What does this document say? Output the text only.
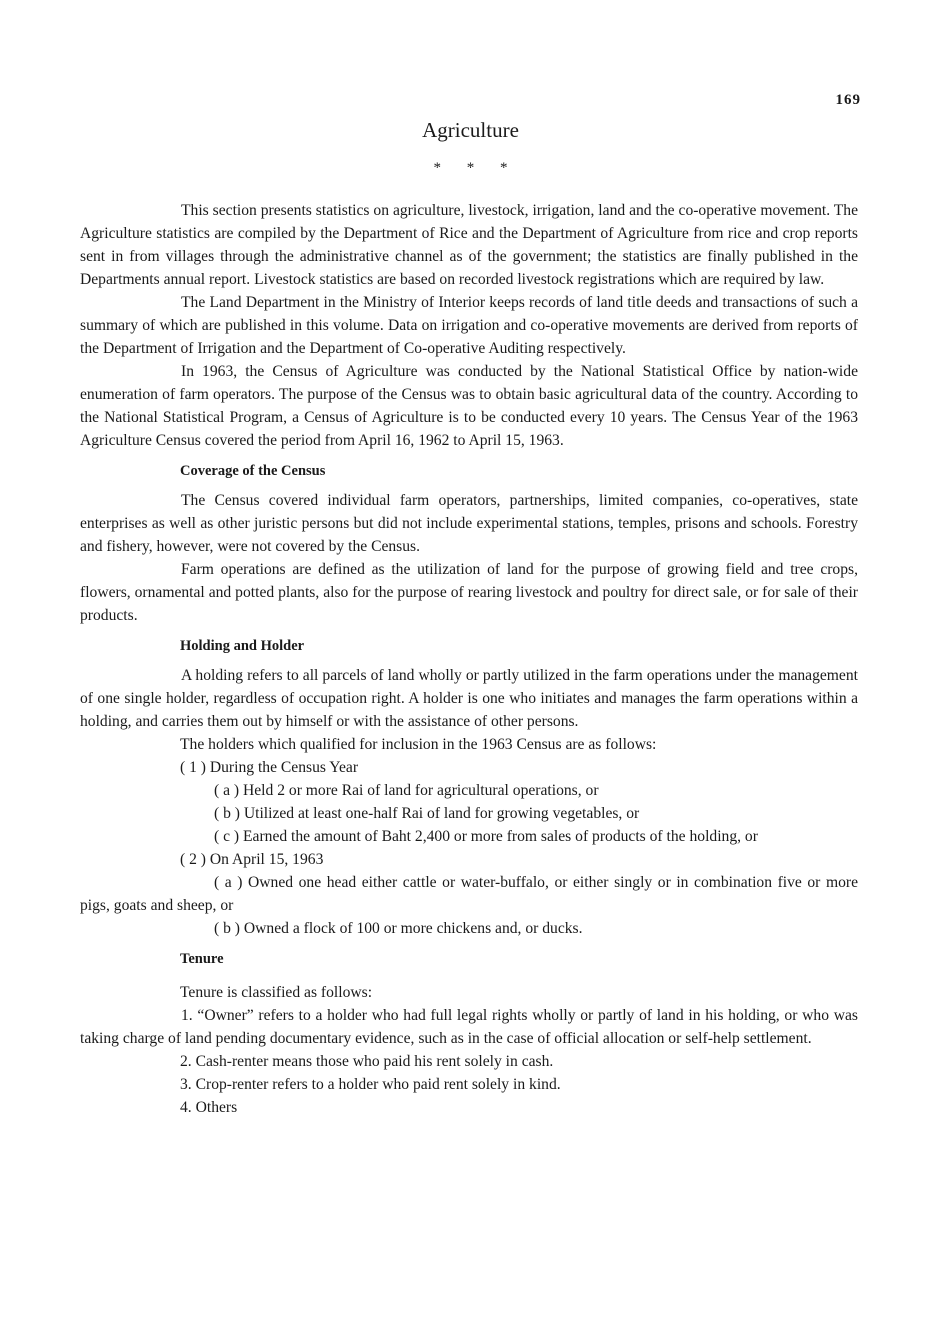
169
Agriculture
* * *

This section presents statistics on agriculture, livestock, irrigation, land and the co-operative movement. The Agriculture statistics are compiled by the Department of Rice and the Department of Agriculture from rice and crop reports sent in from villages through the administrative channel as of the government; the statistics are finally published in the Departments annual report. Livestock statistics are based on recorded livestock registrations which are required by law.

The Land Department in the Ministry of Interior keeps records of land title deeds and transactions of such a summary of which are published in this volume. Data on irrigation and co-operative movements are derived from reports of the Department of Irrigation and the Department of Co-operative Auditing respectively.

In 1963, the Census of Agriculture was conducted by the National Statistical Office by nation-wide enumeration of farm operators. The purpose of the Census was to obtain basic agricultural data of the country. According to the National Statistical Program, a Census of Agriculture is to be conducted every 10 years. The Census Year of the 1963 Agriculture Census covered the period from April 16, 1962 to April 15, 1963.

Coverage of the Census

The Census covered individual farm operators, partnerships, limited companies, co-operatives, state enterprises as well as other juristic persons but did not include experimental stations, temples, prisons and schools. Forestry and fishery, however, were not covered by the Census.

Farm operations are defined as the utilization of land for the purpose of growing field and tree crops, flowers, ornamental and potted plants, also for the purpose of rearing livestock and poultry for direct sale, or for sale of their products.

Holding and Holder

A holding refers to all parcels of land wholly or partly utilized in the farm operations under the management of one single holder, regardless of occupation right. A holder is one who initiates and manages the farm operations within a holding, and carries them out by himself or with the assistance of other persons.

The holders which qualified for inclusion in the 1963 Census are as follows:

( 1 ) During the Census Year

( a ) Held 2 or more Rai of land for agricultural operations, or

( b ) Utilized at least one-half Rai of land for growing vegetables, or

( c ) Earned the amount of Baht 2,400 or more from sales of products of the holding, or

( 2 ) On April 15, 1963

( a ) Owned one head either cattle or water-buffalo, or either singly or in combination five or more pigs, goats and sheep, or

( b ) Owned a flock of 100 or more chickens and, or ducks.

Tenure

Tenure is classified as follows:

1. “Owner” refers to a holder who had full legal rights wholly or partly of land in his holding, or who was taking charge of land pending documentary evidence, such as in the case of official allocation or self-help settlement.

2. Cash-renter means those who paid his rent solely in cash.

3. Crop-renter refers to a holder who paid rent solely in kind.

4. Others
